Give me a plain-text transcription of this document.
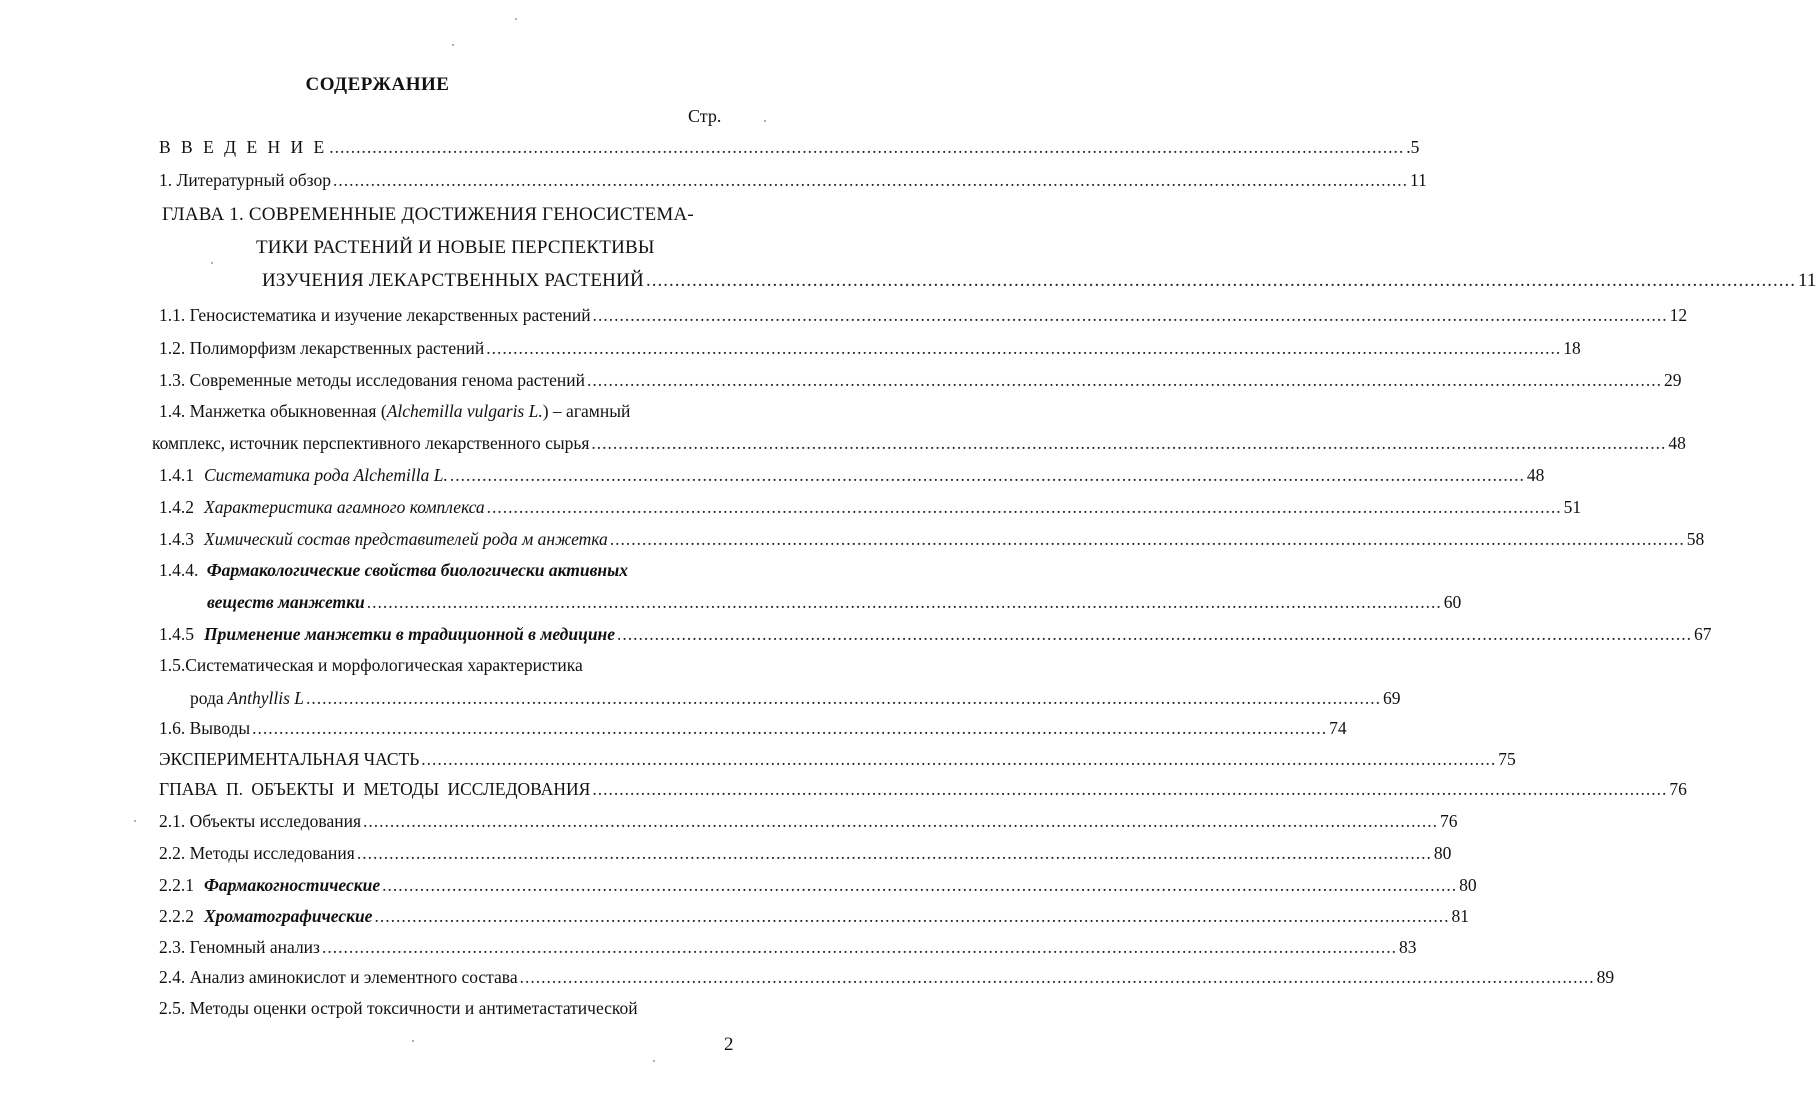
СОДЕРЖАНИЕ
Стр.
В В Е Д Е Н И Е ........................................................................................................................................................................................................ .5
1. Литературный обзор ........................................................................................................................................................................................................ 11
ГЛАВА 1. СОВРЕМЕННЫЕ ДОСТИЖЕНИЯ ГЕНОСИСТЕМА-
ТИКИ РАСТЕНИЙ И НОВЫЕ ПЕРСПЕКТИВЫ
ИЗУЧЕНИЯ ЛЕКАРСТВЕННЫХ РАСТЕНИЙ ........................................................................................................................................................................................................ 11
1.1. Геносистематика и изучение лекарственных растений ........................................................................................................................................................................................................ 12
1.2. Полиморфизм лекарственных растений ........................................................................................................................................................................................................ 18
1.3. Современные методы исследования генома растений ........................................................................................................................................................................................................ 29
1.4. Манжетка обыкновенная (Alchemilla vulgaris L.) – агамный
комплекс, источник перспективного лекарственного сырья ........................................................................................................................................................................................................ 48
1.4.1 Систематика рода Alchemilla L. ........................................................................................................................................................................................................ 48
1.4.2 Характеристика агамного комплекса ........................................................................................................................................................................................................ 51
1.4.3 Химический состав представителей рода м анжетка ........................................................................................................................................................................................................ 58
1.4.4. Фармакологические свойства биологически активных
веществ манжетки ........................................................................................................................................................................................................ 60
1.4.5 Применение манжетки в традиционной в медицине ........................................................................................................................................................................................................ 67
1.5.Систематическая и морфологическая характеристика
рода Anthyllis L ........................................................................................................................................................................................................ 69
1.6. Выводы ........................................................................................................................................................................................................ 74
ЭКСПЕРИМЕНТАЛЬНАЯ ЧАСТЬ ........................................................................................................................................................................................................ 75
ГПАВА П. ОБЪЕКТЫ И МЕТОДЫ ИССЛЕДОВАНИЯ ........................................................................................................................................................................................................ 76
2.1. Объекты исследования ........................................................................................................................................................................................................ 76
2.2. Методы исследования ........................................................................................................................................................................................................ 80
2.2.1 Фармакогностические ........................................................................................................................................................................................................ 80
2.2.2 Хроматографические ........................................................................................................................................................................................................ 81
2.3. Геномный анализ ........................................................................................................................................................................................................ 83
2.4. Анализ аминокислот и элементного состава ........................................................................................................................................................................................................ 89
2.5. Методы оценки острой токсичности и антиметастатической
2
